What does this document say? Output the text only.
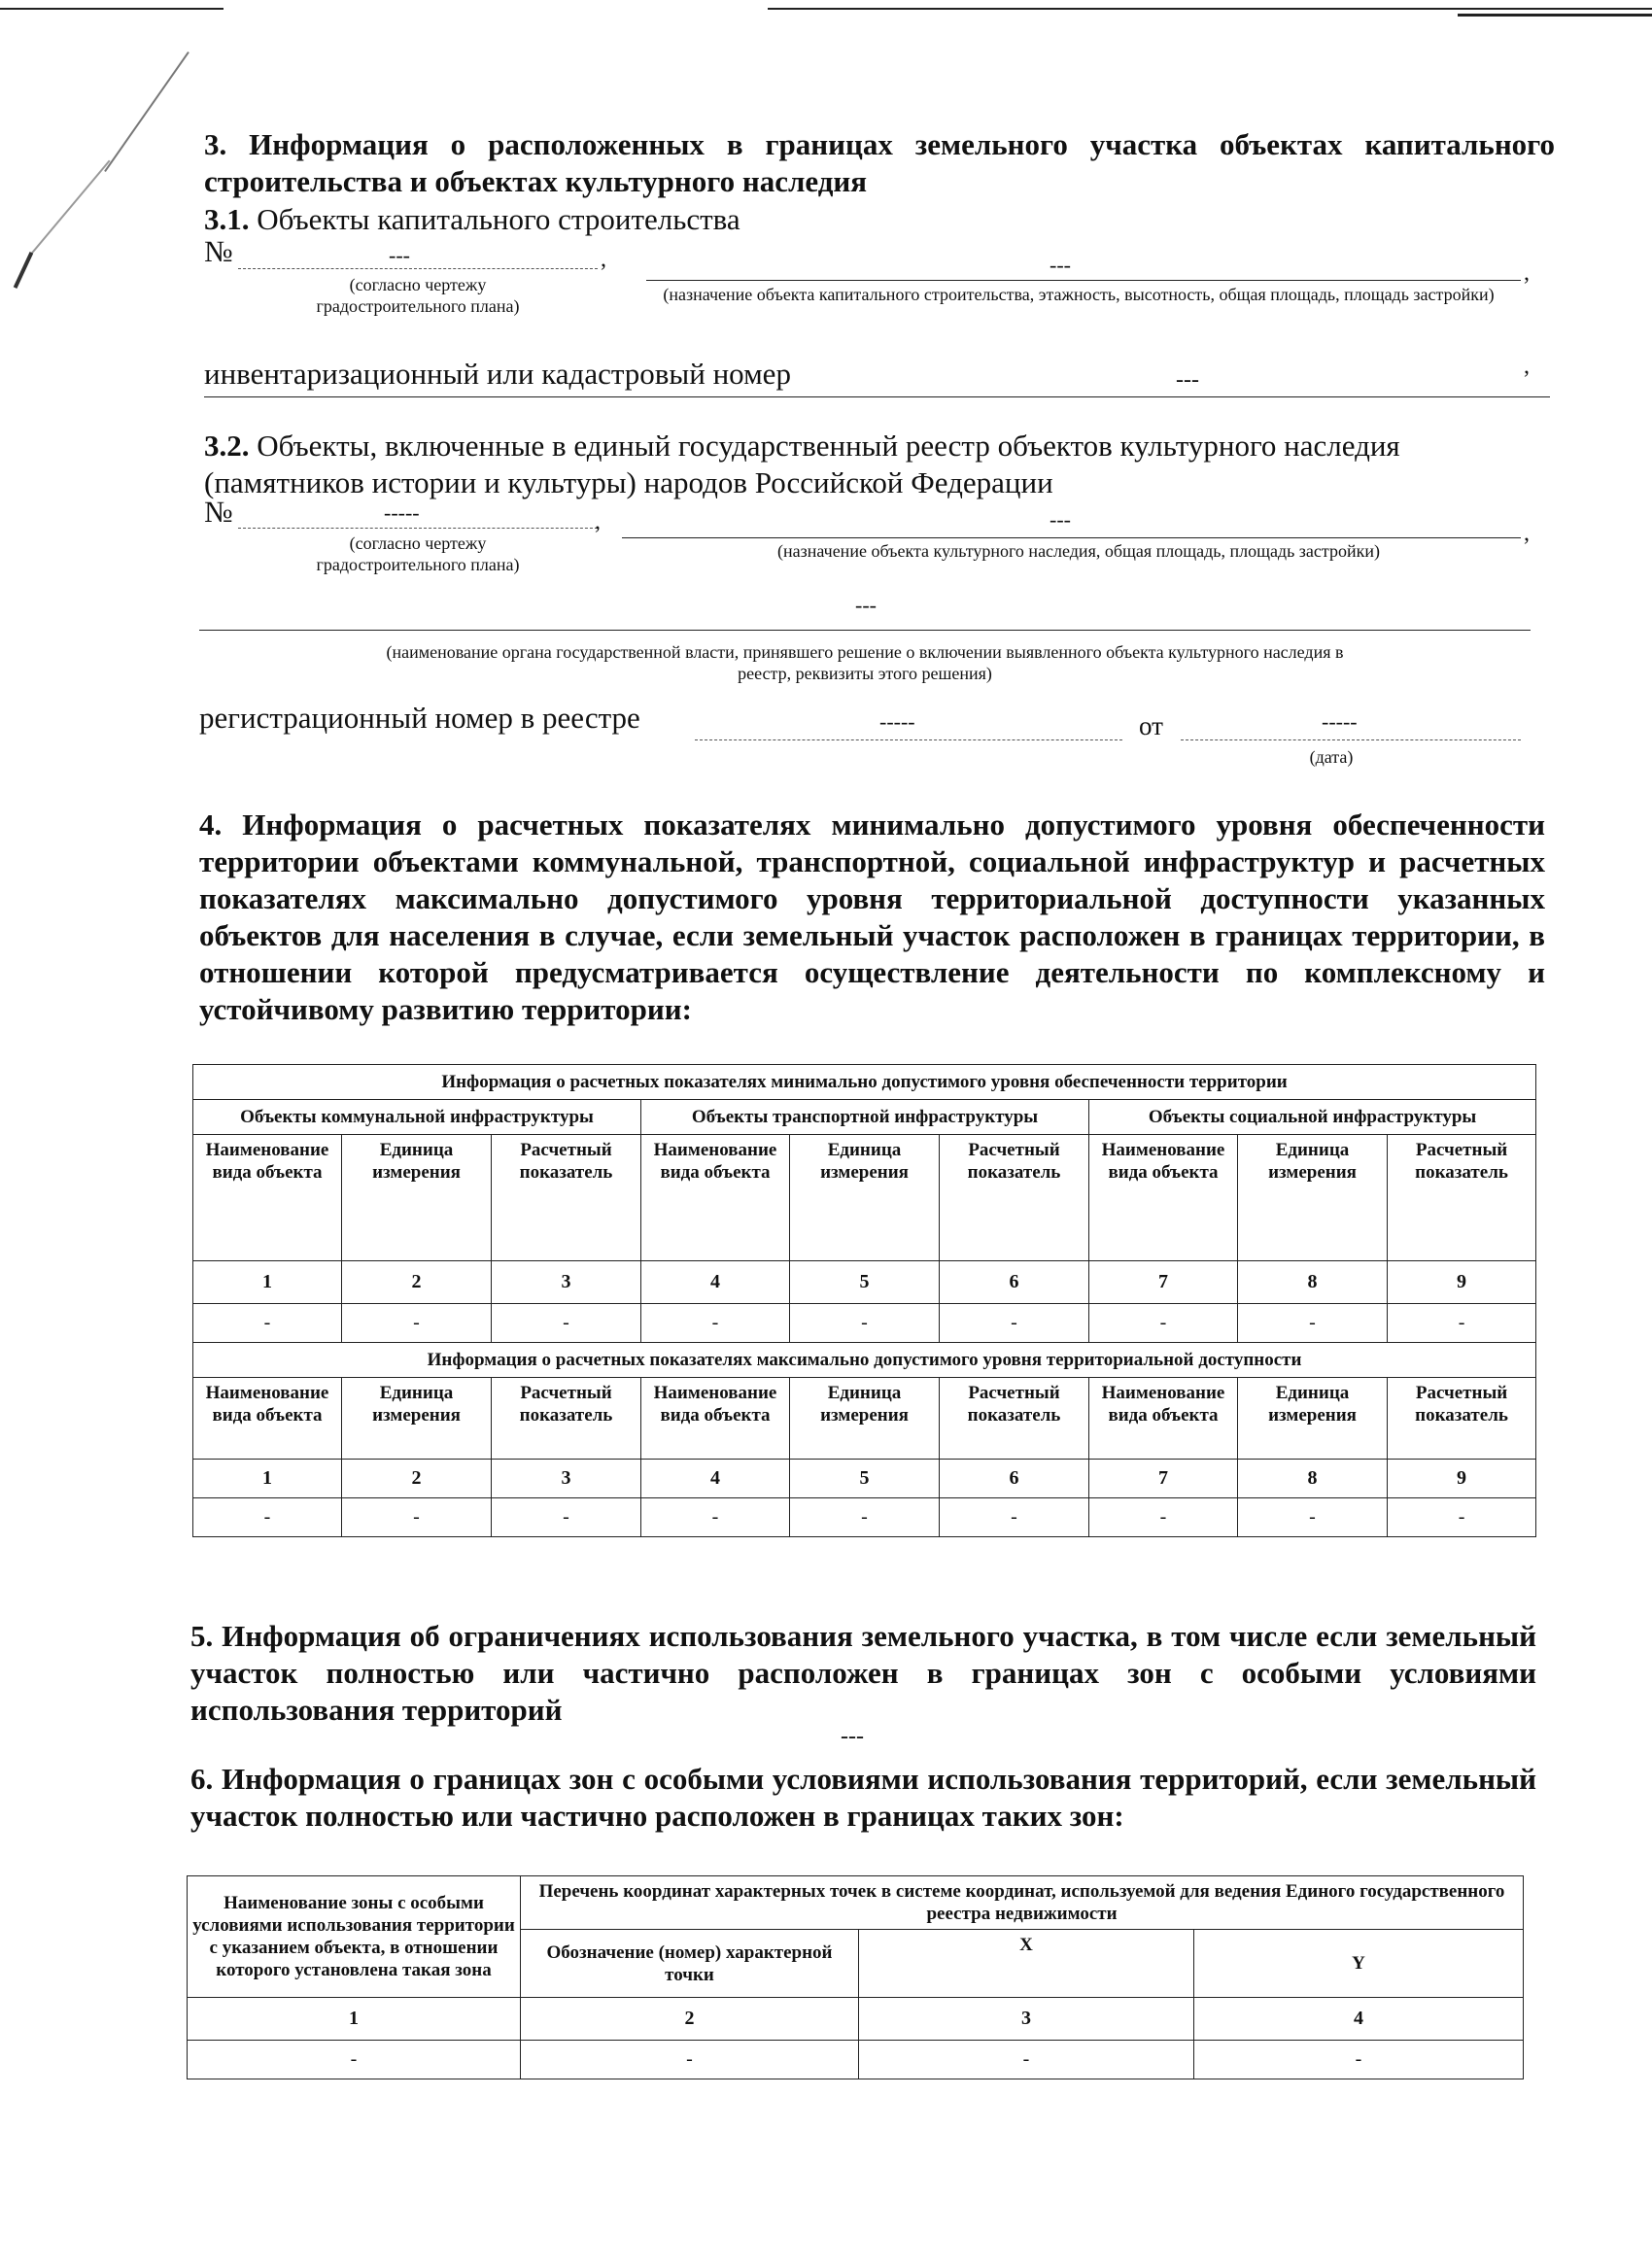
3. Информация о расположенных в границах земельного участка объектах капитального строительства и объектах культурного наследия
3.1. Объекты капитального строительства
№	---	,
(согласно чертежу градостроительного плана)
---	,
(назначение объекта капитального строительства, этажность, высотность, общая площадь, площадь застройки)
инвентаризационный или кадастровый номер	---
,
3.2. Объекты, включенные в единый государственный реестр объектов культурного наследия (памятников истории и культуры) народов Российской Федерации
№	-----	,
(согласно чертежу градостроительного плана)
---
,
(назначение объекта культурного наследия, общая площадь, площадь застройки)
---
(наименование органа государственной власти, принявшего решение о включении выявленного объекта культурного наследия в реестр, реквизиты этого решения)
регистрационный номер в реестре	-----	от	-----
(дата)
4. Информация о расчетных показателях минимально допустимого уровня обеспеченности территории объектами коммунальной, транспортной, социальной инфраструктур и расчетных показателях максимально допустимого уровня территориальной доступности указанных объектов для населения в случае, если земельный участок расположен в границах территории, в отношении которой предусматривается осуществление деятельности по комплексному и устойчивому развитию территории:
Информация о расчетных показателях минимально допустимого уровня обеспеченности территории								
Объекты коммунальной инфраструктуры			Объекты транспортной инфраструктуры			Объекты социальной инфраструктуры		
Наименование вида объекта	Единица измерения	Расчетный показатель	Наименование вида объекта	Единица измерения	Расчетный показатель	Наименование вида объекта	Единица измерения	Расчетный показатель
1	2	3	4	5	6	7	8	9
-	-	-	-	-	-	-	-	-
Информация о расчетных показателях максимально допустимого уровня территориальной доступности								
Наименование вида объекта	Единица измерения	Расчетный показатель	Наименование вида объекта	Единица измерения	Расчетный показатель	Наименование вида объекта	Единица измерения	Расчетный показатель
1	2	3	4	5	6	7	8	9
-	-	-	-	-	-	-	-	-
5. Информация об ограничениях использования земельного участка, в том числе если земельный участок полностью или частично расположен в границах зон с особыми условиями использования территорий
---
6. Информация о границах зон с особыми условиями использования территорий, если земельный участок полностью или частично расположен в границах таких зон:
Наименование зоны с особыми условиями использования территории с указанием объекта, в отношении которого установлена такая зона	Перечень координат характерных точек в системе координат, используемой для ведения Единого государственного реестра недвижимости		
	Обозначение (номер) характерной точки	X	Y
1	2	3	4
-	-	-	-
